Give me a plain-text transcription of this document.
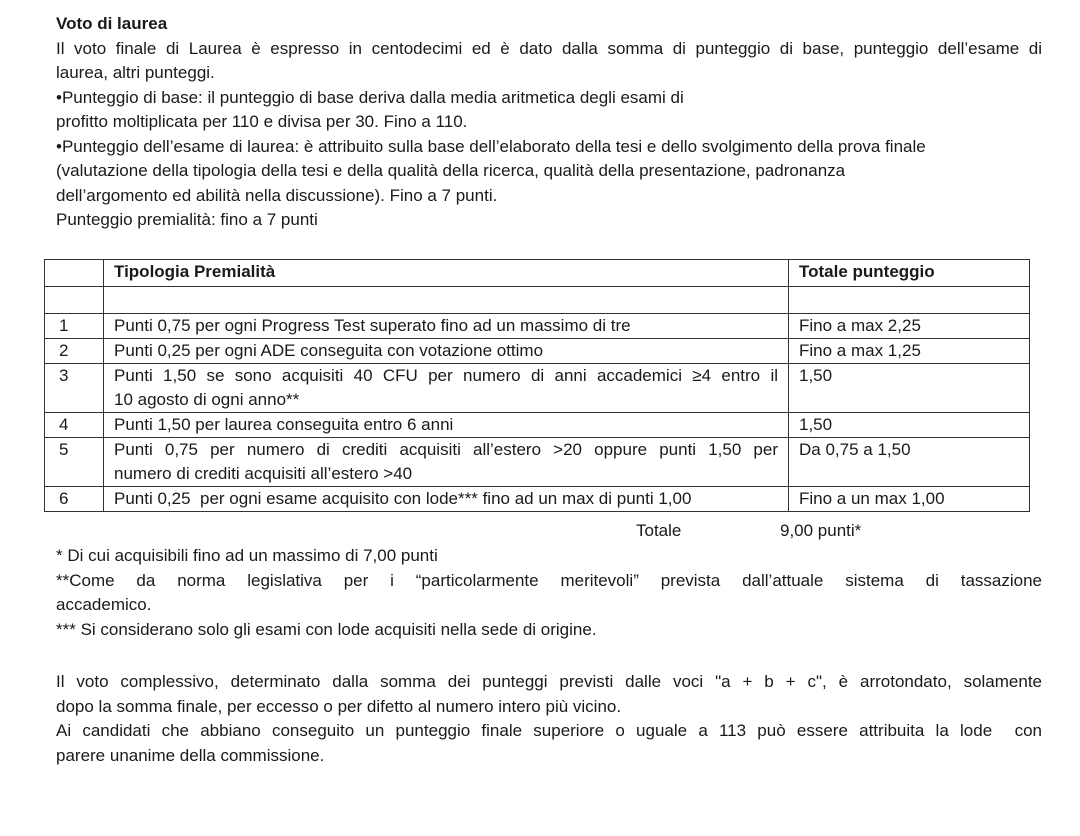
Voto di laurea
Il voto finale di Laurea è espresso in centodecimi ed è dato dalla somma di punteggio di base, punteggio dell’esame di
laurea, altri punteggi.
•Punteggio di base: il punteggio di base deriva dalla media aritmetica degli esami di
profitto moltiplicata per 110 e divisa per 30. Fino a 110.
•Punteggio dell’esame di laurea: è attribuito sulla base dell’elaborato della tesi e dello svolgimento della prova finale
(valutazione della tipologia della tesi e della qualità della ricerca, qualità della presentazione, padronanza
dell’argomento ed abilità nella discussione). Fino a 7 punti.
Punteggio premialità: fino a 7 punti
	Tipologia Premialità	Totale punteggio

1	Punti 0,75 per ogni Progress Test superato fino ad un massimo di tre	Fino a max 2,25
2	Punti 0,25 per ogni ADE conseguita con votazione ottimo	Fino a max 1,25
3	Punti 1,50 se sono acquisiti 40 CFU per numero di anni accademici ≥4 entro il
10 agosto di ogni anno**	1,50
4	Punti 1,50 per laurea conseguita entro 6 anni	1,50
5	Punti 0,75 per numero di crediti acquisiti all’estero >20 oppure punti 1,50 per
numero di crediti acquisiti all’estero >40	Da 0,75 a 1,50
6	Punti 0,25  per ogni esame acquisito con lode*** fino ad un max di punti 1,00	Fino a un max 1,00
Totale	9,00 punti*
* Di cui acquisibili fino ad un massimo di 7,00 punti
**Come da norma legislativa per i “particolarmente meritevoli” prevista dall’attuale sistema di tassazione
accademico.
*** Si considerano solo gli esami con lode acquisiti nella sede di origine.
Il voto complessivo, determinato dalla somma dei punteggi previsti dalle voci "a + b + c", è arrotondato, solamente
dopo la somma finale, per eccesso o per difetto al numero intero più vicino.
Ai candidati che abbiano conseguito un punteggio finale superiore o uguale a 113 può essere attribuita la lode  con
parere unanime della commissione.
